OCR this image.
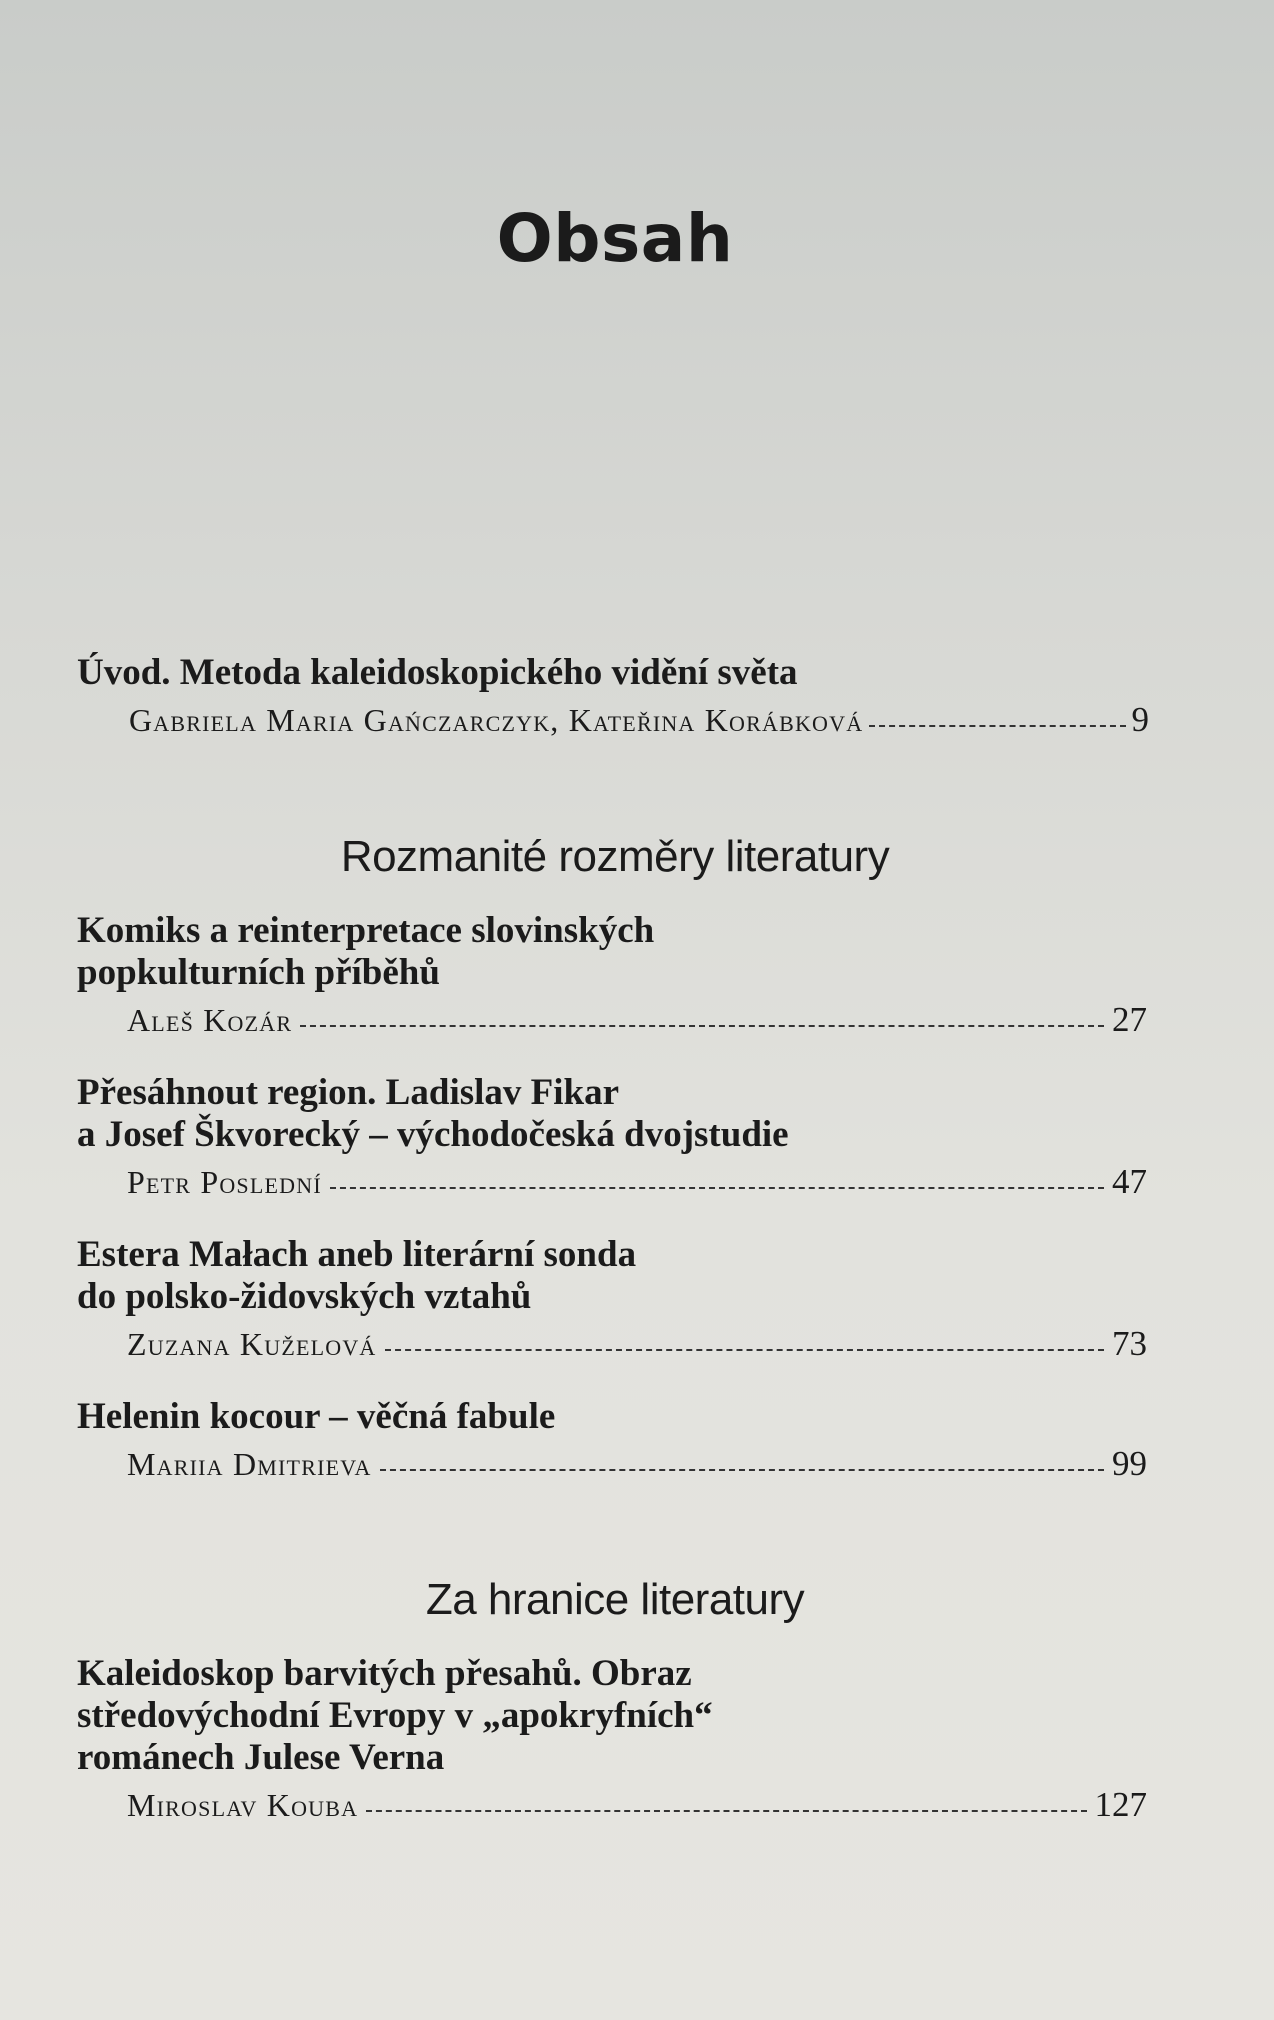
Obsah
Úvod. Metoda kaleidoskopického vidění světa
Gabriela Maria Gańczarczyk, Kateřina Korábková	9
Rozmanité rozměry literatury
Komiks a reinterpretace slovinských
popkulturních příběhů
Aleš Kozár	27
Přesáhnout region. Ladislav Fikar
a Josef Škvorecký – východočeská dvojstudie
Petr Poslední	47
Estera Małach aneb literární sonda
do polsko-židovských vztahů
Zuzana Kuželová	73
Helenin kocour – věčná fabule
Mariia Dmitrieva	99
Za hranice literatury
Kaleidoskop barvitých přesahů. Obraz
středovýchodní Evropy v „apokryfních“
románech Julese Verna
Miroslav Kouba	127
